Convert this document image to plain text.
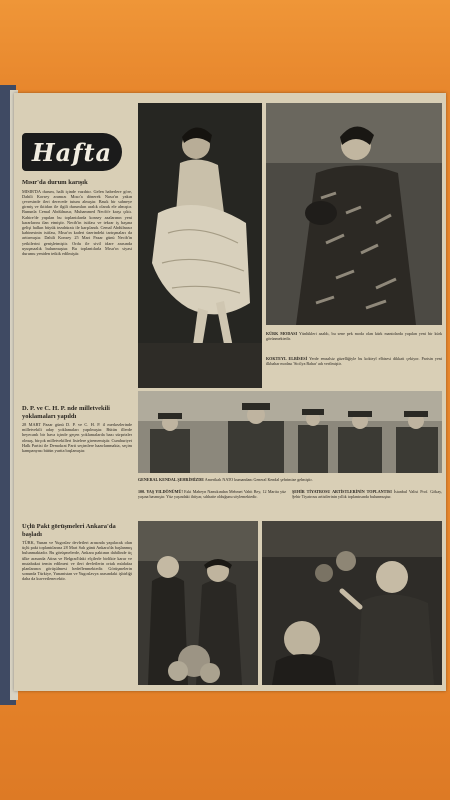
Hafta
Mısır'da durum karışık

MISIR'DA durum, halâ içinde vazıhtır. Gelen haberlere göre, Dahili Korsey aramızı Mısır'a dönerek Nasır'ın yakın çevresinde ileri derecede tutum almıştır. Basık bir sahneye girmiş ve iktidarı ile ilgili durumları aralık olarak ele almıştır. Bununla Cemal Abdülnasır, Muhammed Necib'e karşı çıktı. Kahire'de yapılan bu toplantılarda konsey azalarının yeni kararlarını ilan etmiştir. Necib'in istifası ve tekrar iş başına gelişi halkın büyük tezahüratı ile karşılandı. Cemal Abdülnasır kabinesinin istifası, Mısır'ın kaderi üzerindeki tartışmaları da arttırmıştır. Dahili Konsey 25 Mart Pazar günü Necib'in yetkilerini genişletmiştir. Ordu ile sivil idare arasında uyuşmazlık bulunmuştur. Bu toplantılarla Mısır'ın siyasi durumu yeniden tetkik edilmiştir.

D. P. ve C. H. P. nde milletvekili yoklamaları yapıldı

28 MART Pazar günü D. P. ve C. H. P. il merkezlerinde milletvekili aday yoklamaları yapılmıştır. Bütün illerde heyecanlı bir hava içinde geçen yoklamalarda bazı sürprizler olmuş, birçok milletvekilleri listelere girememiştir. Cumhuriyet Halk Partisi ile Demokrat Parti seçimlere hazırlanmakta, seçim kampanyası bütün yurtta başlamıştır.

Üçlü Pakt görüşmeleri Ankara'da başladı

TÜRK, Yunan ve Yugoslav devletleri arasında yapılacak olan üçlü pakt toplantılarına 28 Mart Salı günü Ankara'da başlanmış bulunmaktadır. Bu görüşmelerde, Ankara paktının dahilinde üç ülke arasında Atina ve Belgrad'daki elçilerle birlikte karar ve mutabakat temin edilmesi ve ileri devletlerin ortak müdafaa planlarının görüşülmesi hedeflenmektedir. Görüşmelerin sonunda Türkiye, Yunanistan ve Yugoslavya arasındaki işbirliği daha da kuvvetlenecektir.

KÜRK MODASI Yünlükleri azaldı, bu sene pek moda olan kürk mantolarda yapılan yeni bir kürk görünmektedir.
KOKTEYL ELBİSESİ Yerde emsalsiz güzelliğiyle bu kokteyl elbisesi dikkati çekiyor. Parisin yeni ilkbahar modası 'Sicilya Bahar' adı verilmiştir.
GENERAL KENDAL ŞEHRİMİZDE Amerikalı NATO kumandanı General Kendal şehrimize gelmiştir.
100. YAŞ YILDÖNÜMÜ! Eski Mabeyn Namıkından Mehmet Vahit Bey, 12 Martta yüz yaşına basmıştır. Yüz yaşındaki ihtiyar, sıhhatte olduğunu söylemektedir.
ŞEHİR TİYATROSU ARTİSTLERİNİN TOPLANTISI İstanbul Valisi Prof. Gökay, Şehir Tiyatrosu artistlerinin yıllık toplantısında bulunmuştur.
